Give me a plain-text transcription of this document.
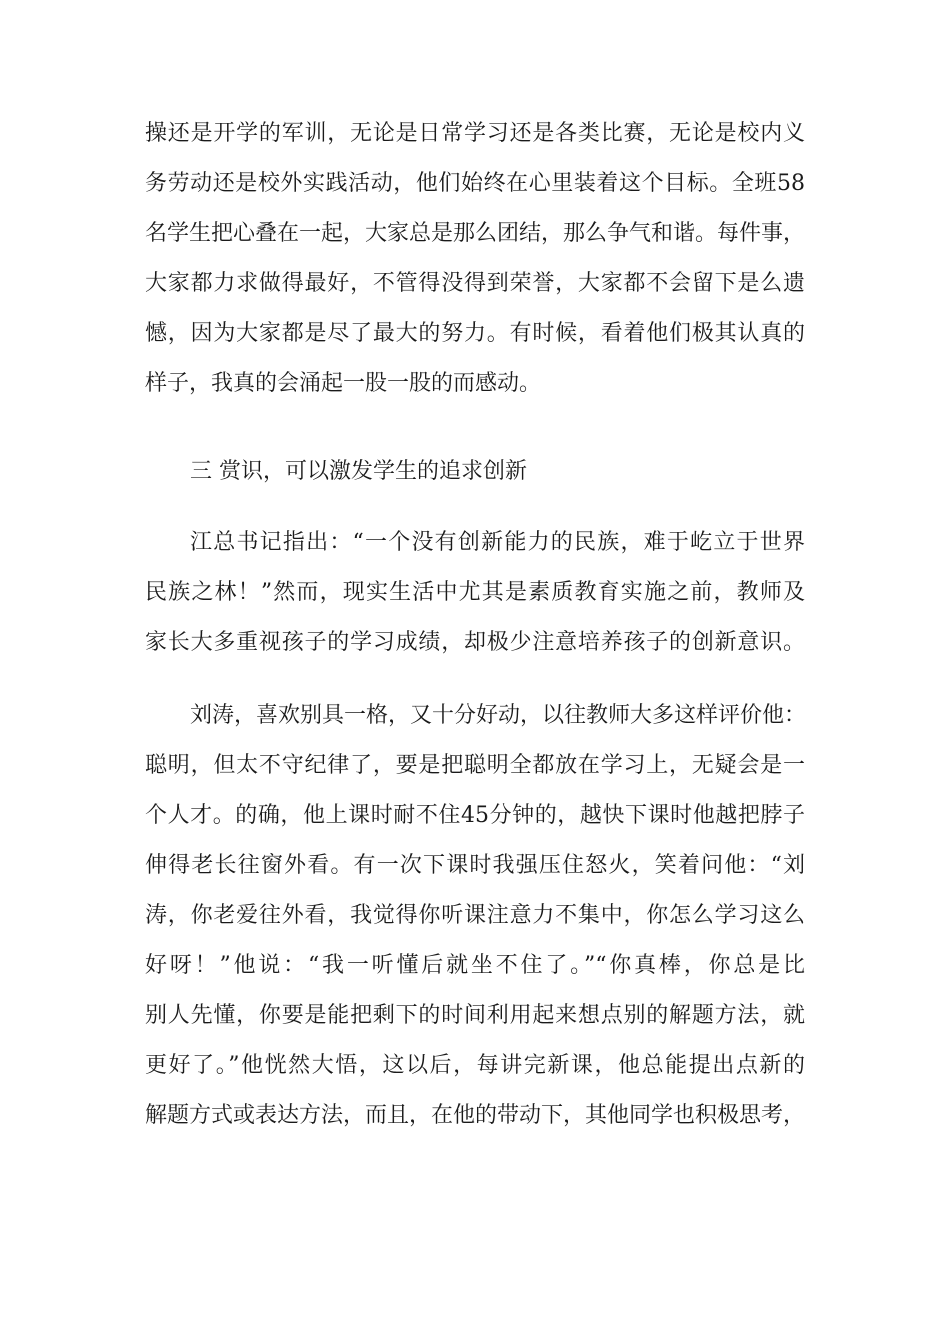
操还是开学的军训，无论是日常学习还是各类比赛，无论是校内义
务劳动还是校外实践活动，他们始终在心里装着这个目标。全班58
名学生把心叠在一起，大家总是那么团结，那么争气和谐。每件事，
大家都力求做得最好，不管得没得到荣誉，大家都不会留下是么遗
憾，因为大家都是尽了最大的努力。有时候，看着他们极其认真的
样子，我真的会涌起一股一股的而感动。
三 赏识，可以激发学生的追求创新
江总书记指出：“一个没有创新能力的民族，难于屹立于世界
民族之林！”然而，现实生活中尤其是素质教育实施之前，教师及
家长大多重视孩子的学习成绩，却极少注意培养孩子的创新意识。
刘涛，喜欢别具一格，又十分好动，以往教师大多这样评价他：
聪明，但太不守纪律了，要是把聪明全都放在学习上，无疑会是一
个人才。的确，他上课时耐不住45分钟的，越快下课时他越把脖子
伸得老长往窗外看。有一次下课时我强压住怒火，笑着问他：“刘
涛，你老爱往外看，我觉得你听课注意力不集中，你怎么学习这么
好呀！”他说：“我一听懂后就坐不住了。”“你真棒，你总是比
别人先懂，你要是能把剩下的时间利用起来想点别的解题方法，就
更好了。”他恍然大悟，这以后，每讲完新课，他总能提出点新的
解题方式或表达方法，而且，在他的带动下，其他同学也积极思考，
